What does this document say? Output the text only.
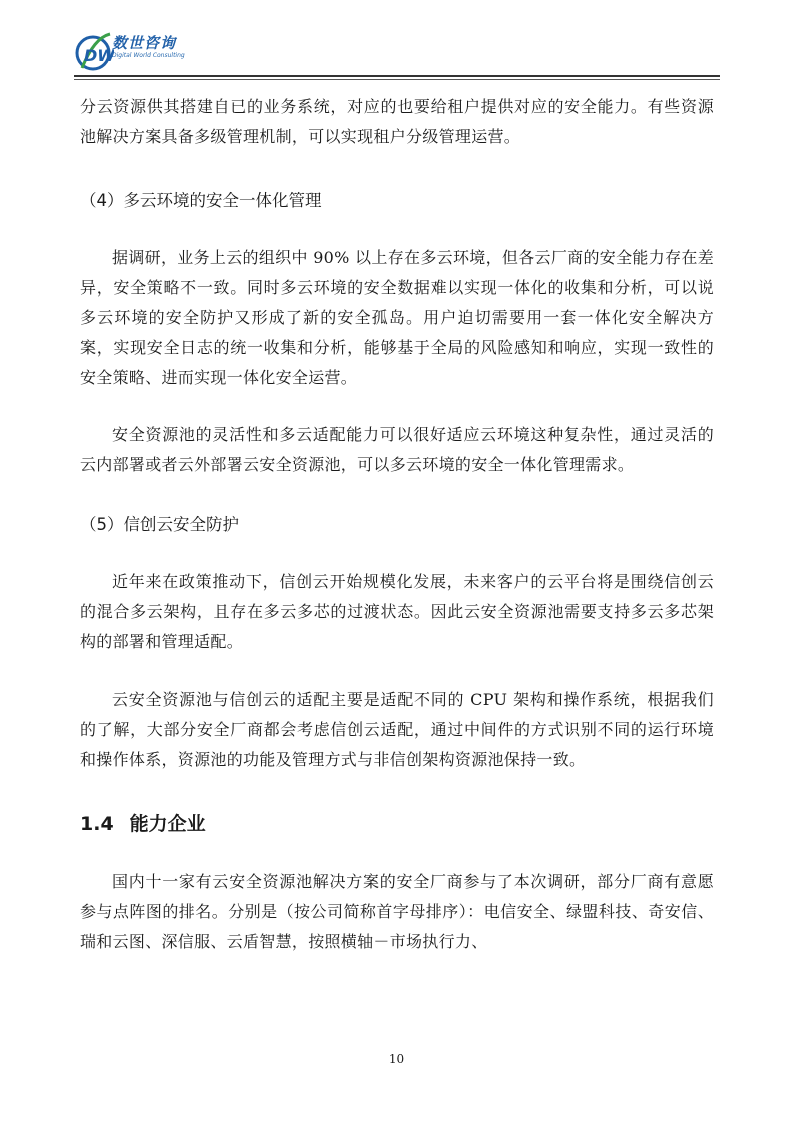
DW
数世咨询
Digital World Consulting

分云资源供其搭建自已的业务系统，对应的也要给租户提供对应的安全能力。有些资源池解决方案具备多级管理机制，可以实现租户分级管理运营。

（4）多云环境的安全一体化管理

据调研，业务上云的组织中 90% 以上存在多云环境，但各云厂商的安全能力存在差异，安全策略不一致。同时多云环境的安全数据难以实现一体化的收集和分析，可以说多云环境的安全防护又形成了新的安全孤岛。用户迫切需要用一套一体化安全解决方案，实现安全日志的统一收集和分析，能够基于全局的风险感知和响应，实现一致性的安全策略、进而实现一体化安全运营。

安全资源池的灵活性和多云适配能力可以很好适应云环境这种复杂性，通过灵活的云内部署或者云外部署云安全资源池，可以多云环境的安全一体化管理需求。

（5）信创云安全防护

近年来在政策推动下，信创云开始规模化发展，未来客户的云平台将是围绕信创云的混合多云架构，且存在多云多芯的过渡状态。因此云安全资源池需要支持多云多芯架构的部署和管理适配。

云安全资源池与信创云的适配主要是适配不同的 CPU 架构和操作系统，根据我们的了解，大部分安全厂商都会考虑信创云适配，通过中间件的方式识别不同的运行环境和操作体系，资源池的功能及管理方式与非信创架构资源池保持一致。

1.4 能力企业

国内十一家有云安全资源池解决方案的安全厂商参与了本次调研，部分厂商有意愿参与点阵图的排名。分别是（按公司简称首字母排序）：电信安全、绿盟科技、奇安信、瑞和云图、深信服、云盾智慧，按照横轴－市场执行力、

10
